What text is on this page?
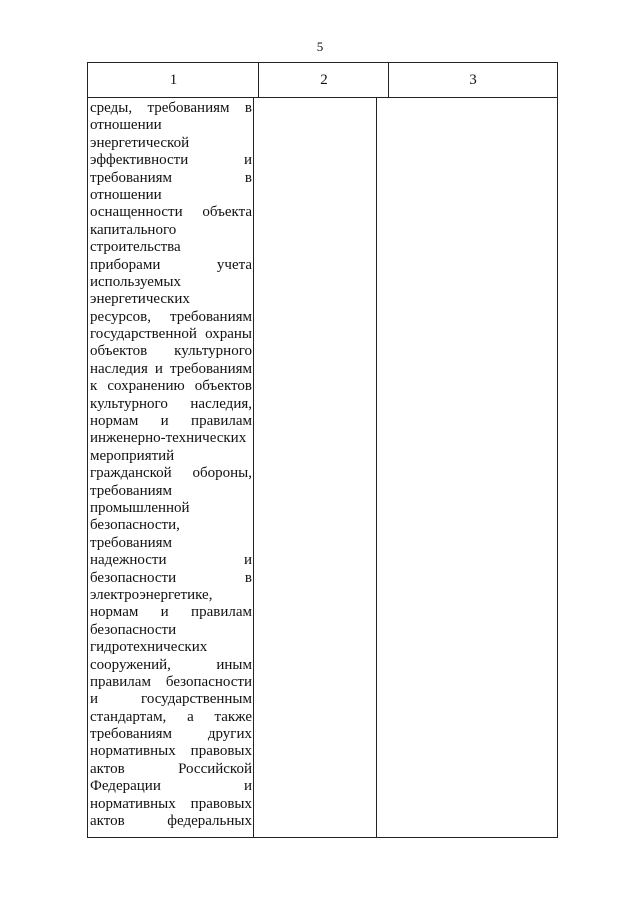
5
1	2	3
среды, требованиям в
отношении
энергетической
эффективности и
требованиям в
отношении
оснащенности объекта
капитального
строительства
приборами учета
используемых
энергетических
ресурсов, требованиям
государственной охраны
объектов культурного
наследия и требованиям
к сохранению объектов
культурного наследия,
нормам и правилам
инженерно-технических
мероприятий
гражданской обороны,
требованиям
промышленной
безопасности,
требованиям
надежности и
безопасности в
электроэнергетике,
нормам и правилам
безопасности
гидротехнических
сооружений, иным
правилам безопасности
и государственным
стандартам, а также
требованиям других
нормативных правовых
актов Российской
Федерации и
нормативных правовых
актов федеральных
